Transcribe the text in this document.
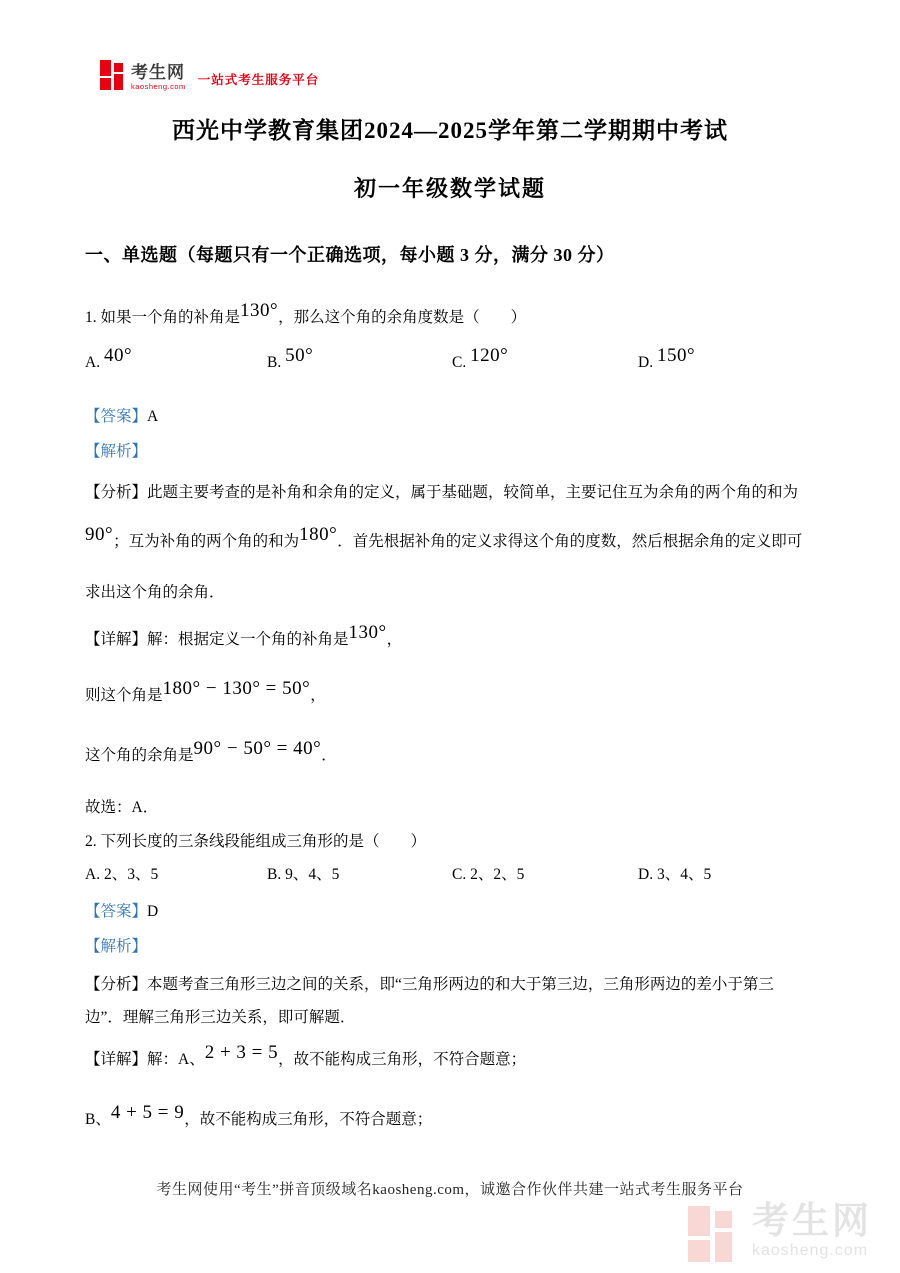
考生网
kaosheng.com 一站式考生服务平台
西光中学教育集团2024—2025学年第二学期期中考试
初一年级数学试题
一、单选题（每题只有一个正确选项，每小题 3 分，满分 30 分）
1. 如果一个角的补角是130°，那么这个角的余角度数是（　　）
A. 40°	B. 50°	C. 120°	D. 150°
【答案】A
【解析】
【分析】此题主要考查的是补角和余角的定义，属于基础题，较简单，主要记住互为余角的两个角的和为
90°；互为补角的两个角的和为180°．首先根据补角的定义求得这个角的度数，然后根据余角的定义即可
求出这个角的余角．
【详解】解：根据定义一个角的补角是130°，
则这个角是180° − 130° = 50°，
这个角的余角是90° − 50° = 40°．
故选：A．
2. 下列长度的三条线段能组成三角形的是（　　）
A. 2、3、5	B. 9、4、5	C. 2、2、5	D. 3、4、5
【答案】D
【解析】
【分析】本题考查三角形三边之间的关系，即“三角形两边的和大于第三边，三角形两边的差小于第三
边”．理解三角形三边关系，即可解题．
【详解】解：A、2 + 3 = 5，故不能构成三角形，不符合题意；
B、4 + 5 = 9，故不能构成三角形，不符合题意；
考生网使用“考生”拼音顶级域名kaosheng.com，诚邀合作伙伴共建一站式考生服务平台
考生网
kaosheng.com
